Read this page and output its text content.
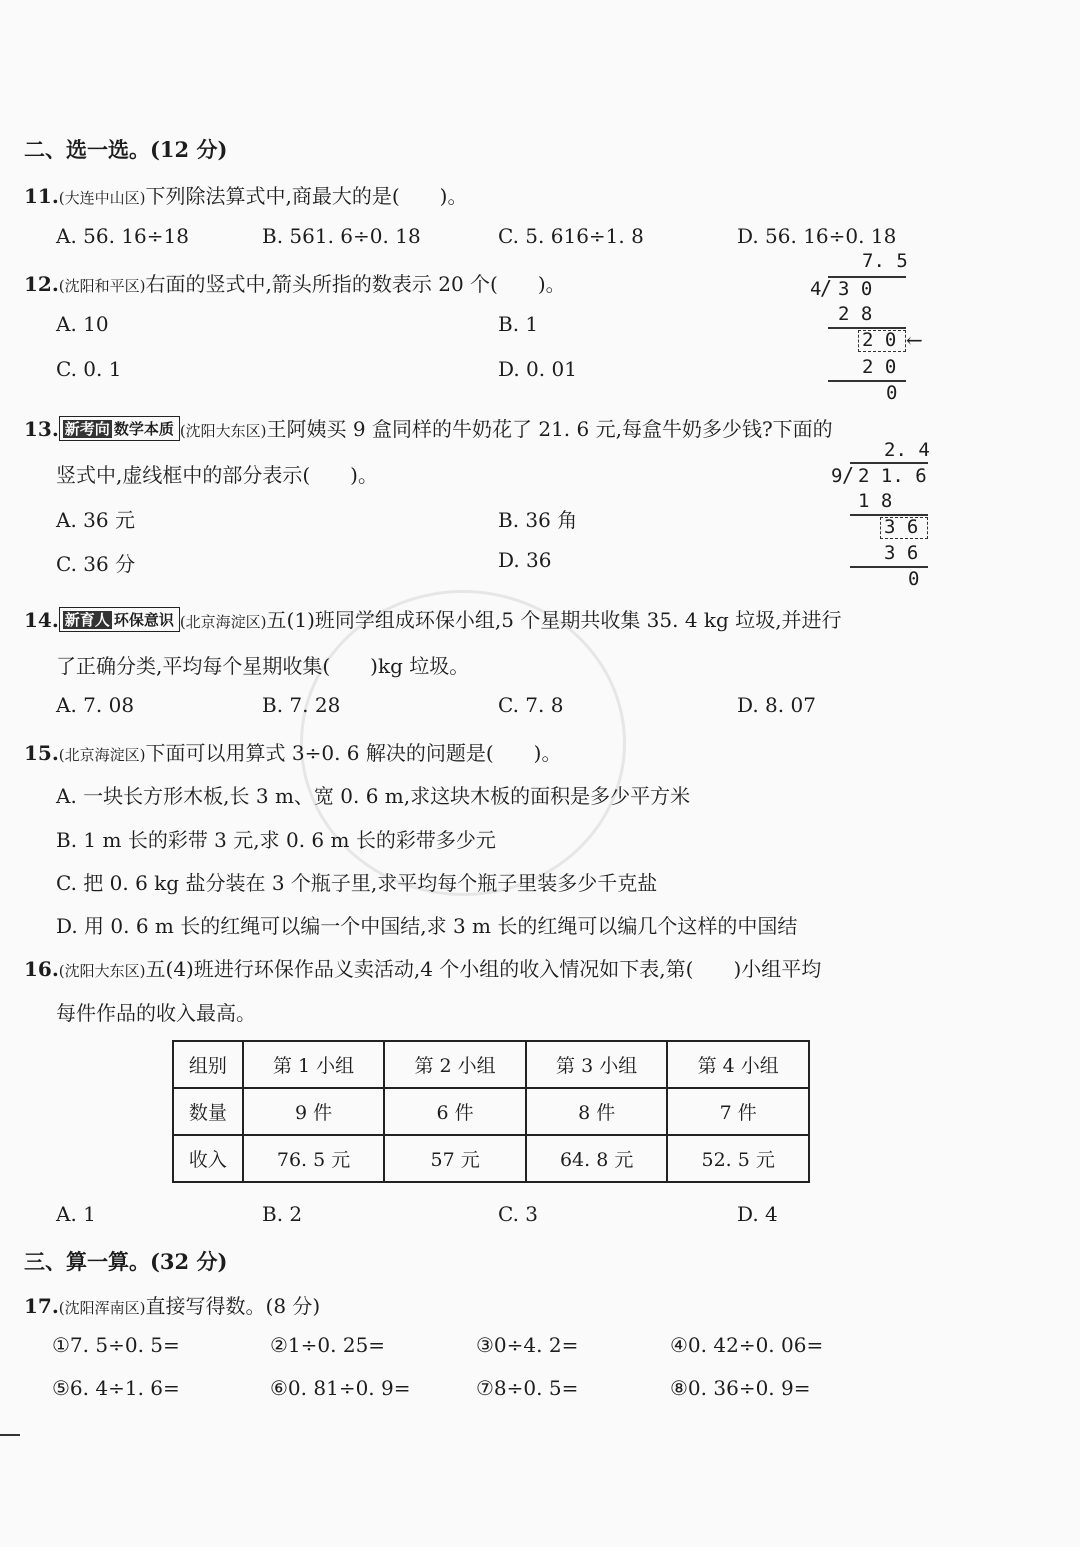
二、选一选。(12 分)
11.(大连中山区)下列除法算式中,商最大的是(　　)。
A. 56. 16÷18	B. 561. 6÷0. 18	C. 5. 616÷1. 8	D. 56. 16÷0. 18
12.(沈阳和平区)右面的竖式中,箭头所指的数表示 20 个(　　)。
A. 10	B. 1
C. 0. 1	D. 0. 01
7. 5
4
/ 3 0
2 8
2 0 ←
2 0
0
13. 新考向 数学本质 (沈阳大东区)王阿姨买 9 盒同样的牛奶花了 21. 6 元,每盒牛奶多少钱?下面的
竖式中,虚线框中的部分表示(　　)。
A. 36 元	B. 36 角
C. 36 分	D. 36
2. 4
9 / 2 1. 6
1 8
3 6
3 6
0
14. 新育人 环保意识 (北京海淀区)五(1)班同学组成环保小组,5 个星期共收集 35. 4 kg 垃圾,并进行
了正确分类,平均每个星期收集(　　)kg 垃圾。
A. 7. 08	B. 7. 28	C. 7. 8	D. 8. 07
15.(北京海淀区)下面可以用算式 3÷0. 6 解决的问题是(　　)。
A. 一块长方形木板,长 3 m、宽 0. 6 m,求这块木板的面积是多少平方米
B. 1 m 长的彩带 3 元,求 0. 6 m 长的彩带多少元
C. 把 0. 6 kg 盐分装在 3 个瓶子里,求平均每个瓶子里装多少千克盐
D. 用 0. 6 m 长的红绳可以编一个中国结,求 3 m 长的红绳可以编几个这样的中国结
16.(沈阳大东区)五(4)班进行环保作品义卖活动,4 个小组的收入情况如下表,第(　　)小组平均
每件作品的收入最高。
组别	第 1 小组	第 2 小组	第 3 小组	第 4 小组
数量	9 件	6 件	8 件	7 件
收入	76. 5 元	57 元	64. 8 元	52. 5 元
A. 1	B. 2	C. 3	D. 4
三、算一算。(32 分)
17.(沈阳浑南区)直接写得数。(8 分)
①7. 5÷0. 5=	②1÷0. 25=	③0÷4. 2=	④0. 42÷0. 06=
⑤6. 4÷1. 6=	⑥0. 81÷0. 9=	⑦8÷0. 5=	⑧0. 36÷0. 9=
